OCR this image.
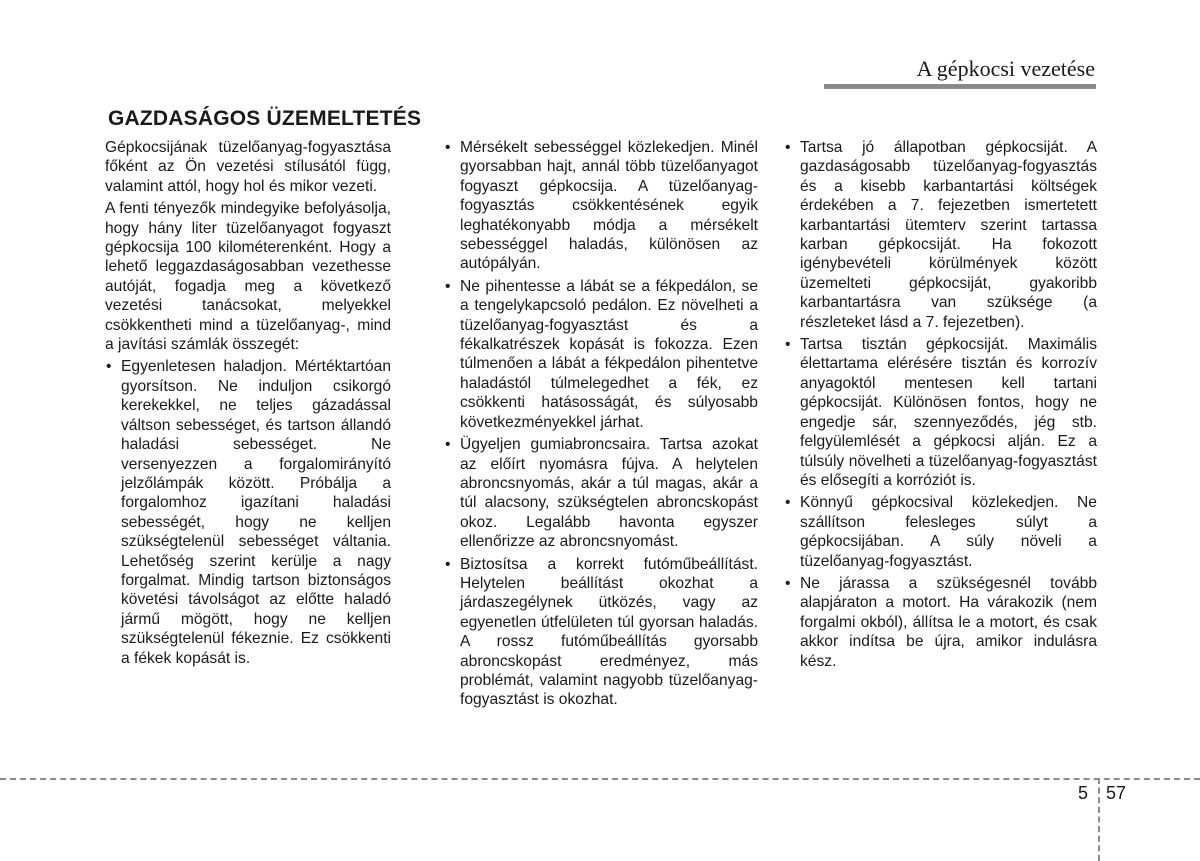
A gépkocsi vezetése
GAZDASÁGOS ÜZEMELTETÉS

Gépkocsijának tüzelőanyag-fogyasztása főként az Ön vezetési stílusától függ, valamint attól, hogy hol és mikor vezeti.

A fenti tényezők mindegyike befolyásolja, hogy hány liter tüzelőanyagot fogyaszt gépkocsija 100 kilométerenként. Hogy a lehető leggazdaságosabban vezethesse autóját, fogadja meg a következő vezetési tanácsokat, melyekkel csökkentheti mind a tüzelőanyag-, mind a javítási számlák összegét:

• Egyenletesen haladjon. Mértéktartóan gyorsítson. Ne induljon csikorgó kerekekkel, ne teljes gázadással váltson sebességet, és tartson állandó haladási sebességet. Ne versenyezzen a forgalomirányító jelzőlámpák között. Próbálja a forgalomhoz igazítani haladási sebességét, hogy ne kelljen szükségtelenül sebességet váltania. Lehetőség szerint kerülje a nagy forgalmat. Mindig tartson biztonságos követési távolságot az előtte haladó jármű mögött, hogy ne kelljen szükségtelenül fékeznie. Ez csökkenti a fékek kopását is.
• Mérsékelt sebességgel közlekedjen. Minél gyorsabban hajt, annál több tüzelőanyagot fogyaszt gépkocsija. A tüzelőanyag-fogyasztás csökkentésének egyik leghatékonyabb módja a mérsékelt sebességgel haladás, különösen az autópályán.
• Ne pihentesse a lábát se a fékpedálon, se a tengelykapcsoló pedálon. Ez növelheti a tüzelőanyag-fogyasztást és a fékalkatrészek kopását is fokozza. Ezen túlmenően a lábát a fékpedálon pihentetve haladástól túlmelegedhet a fék, ez csökkenti hatásosságát, és súlyosabb következményekkel járhat.
• Ügyeljen gumiabroncsaira. Tartsa azokat az előírt nyomásra fújva. A helytelen abroncsnyomás, akár a túl magas, akár a túl alacsony, szükségtelen abroncskopást okoz. Legalább havonta egyszer ellenőrizze az abroncsnyomást.
• Biztosítsa a korrekt futóműbeállítást. Helytelen beállítást okozhat a járdaszegélynek ütközés, vagy az egyenetlen útfelületen túl gyorsan haladás. A rossz futóműbeállítás gyorsabb abroncskopást eredményez, más problémát, valamint nagyobb tüzelőanyag-fogyasztást is okozhat.
• Tartsa jó állapotban gépkocsiját. A gazdaságosabb tüzelőanyag-fogyasztás és a kisebb karbantartási költségek érdekében a 7. fejezetben ismertetett karbantartási ütemterv szerint tartassa karban gépkocsiját. Ha fokozott igénybevételi körülmények között üzemelteti gépkocsiját, gyakoribb karbantartásra van szüksége (a részleteket lásd a 7. fejezetben).
• Tartsa tisztán gépkocsiját. Maximális élettartama elérésére tisztán és korrozív anyagoktól mentesen kell tartani gépkocsiját. Különösen fontos, hogy ne engedje sár, szennyeződés, jég stb. felgyülemlését a gépkocsi alján. Ez a túlsúly növelheti a tüzelőanyag-fogyasztást és elősegíti a korróziót is.
• Könnyű gépkocsival közlekedjen. Ne szállítson felesleges súlyt a gépkocsijában. A súly növeli a tüzelőanyag-fogyasztást.
• Ne járassa a szükségesnél tovább alapjáraton a motort. Ha várakozik (nem forgalmi okból), állítsa le a motort, és csak akkor indítsa be újra, amikor indulásra kész.
5 57
